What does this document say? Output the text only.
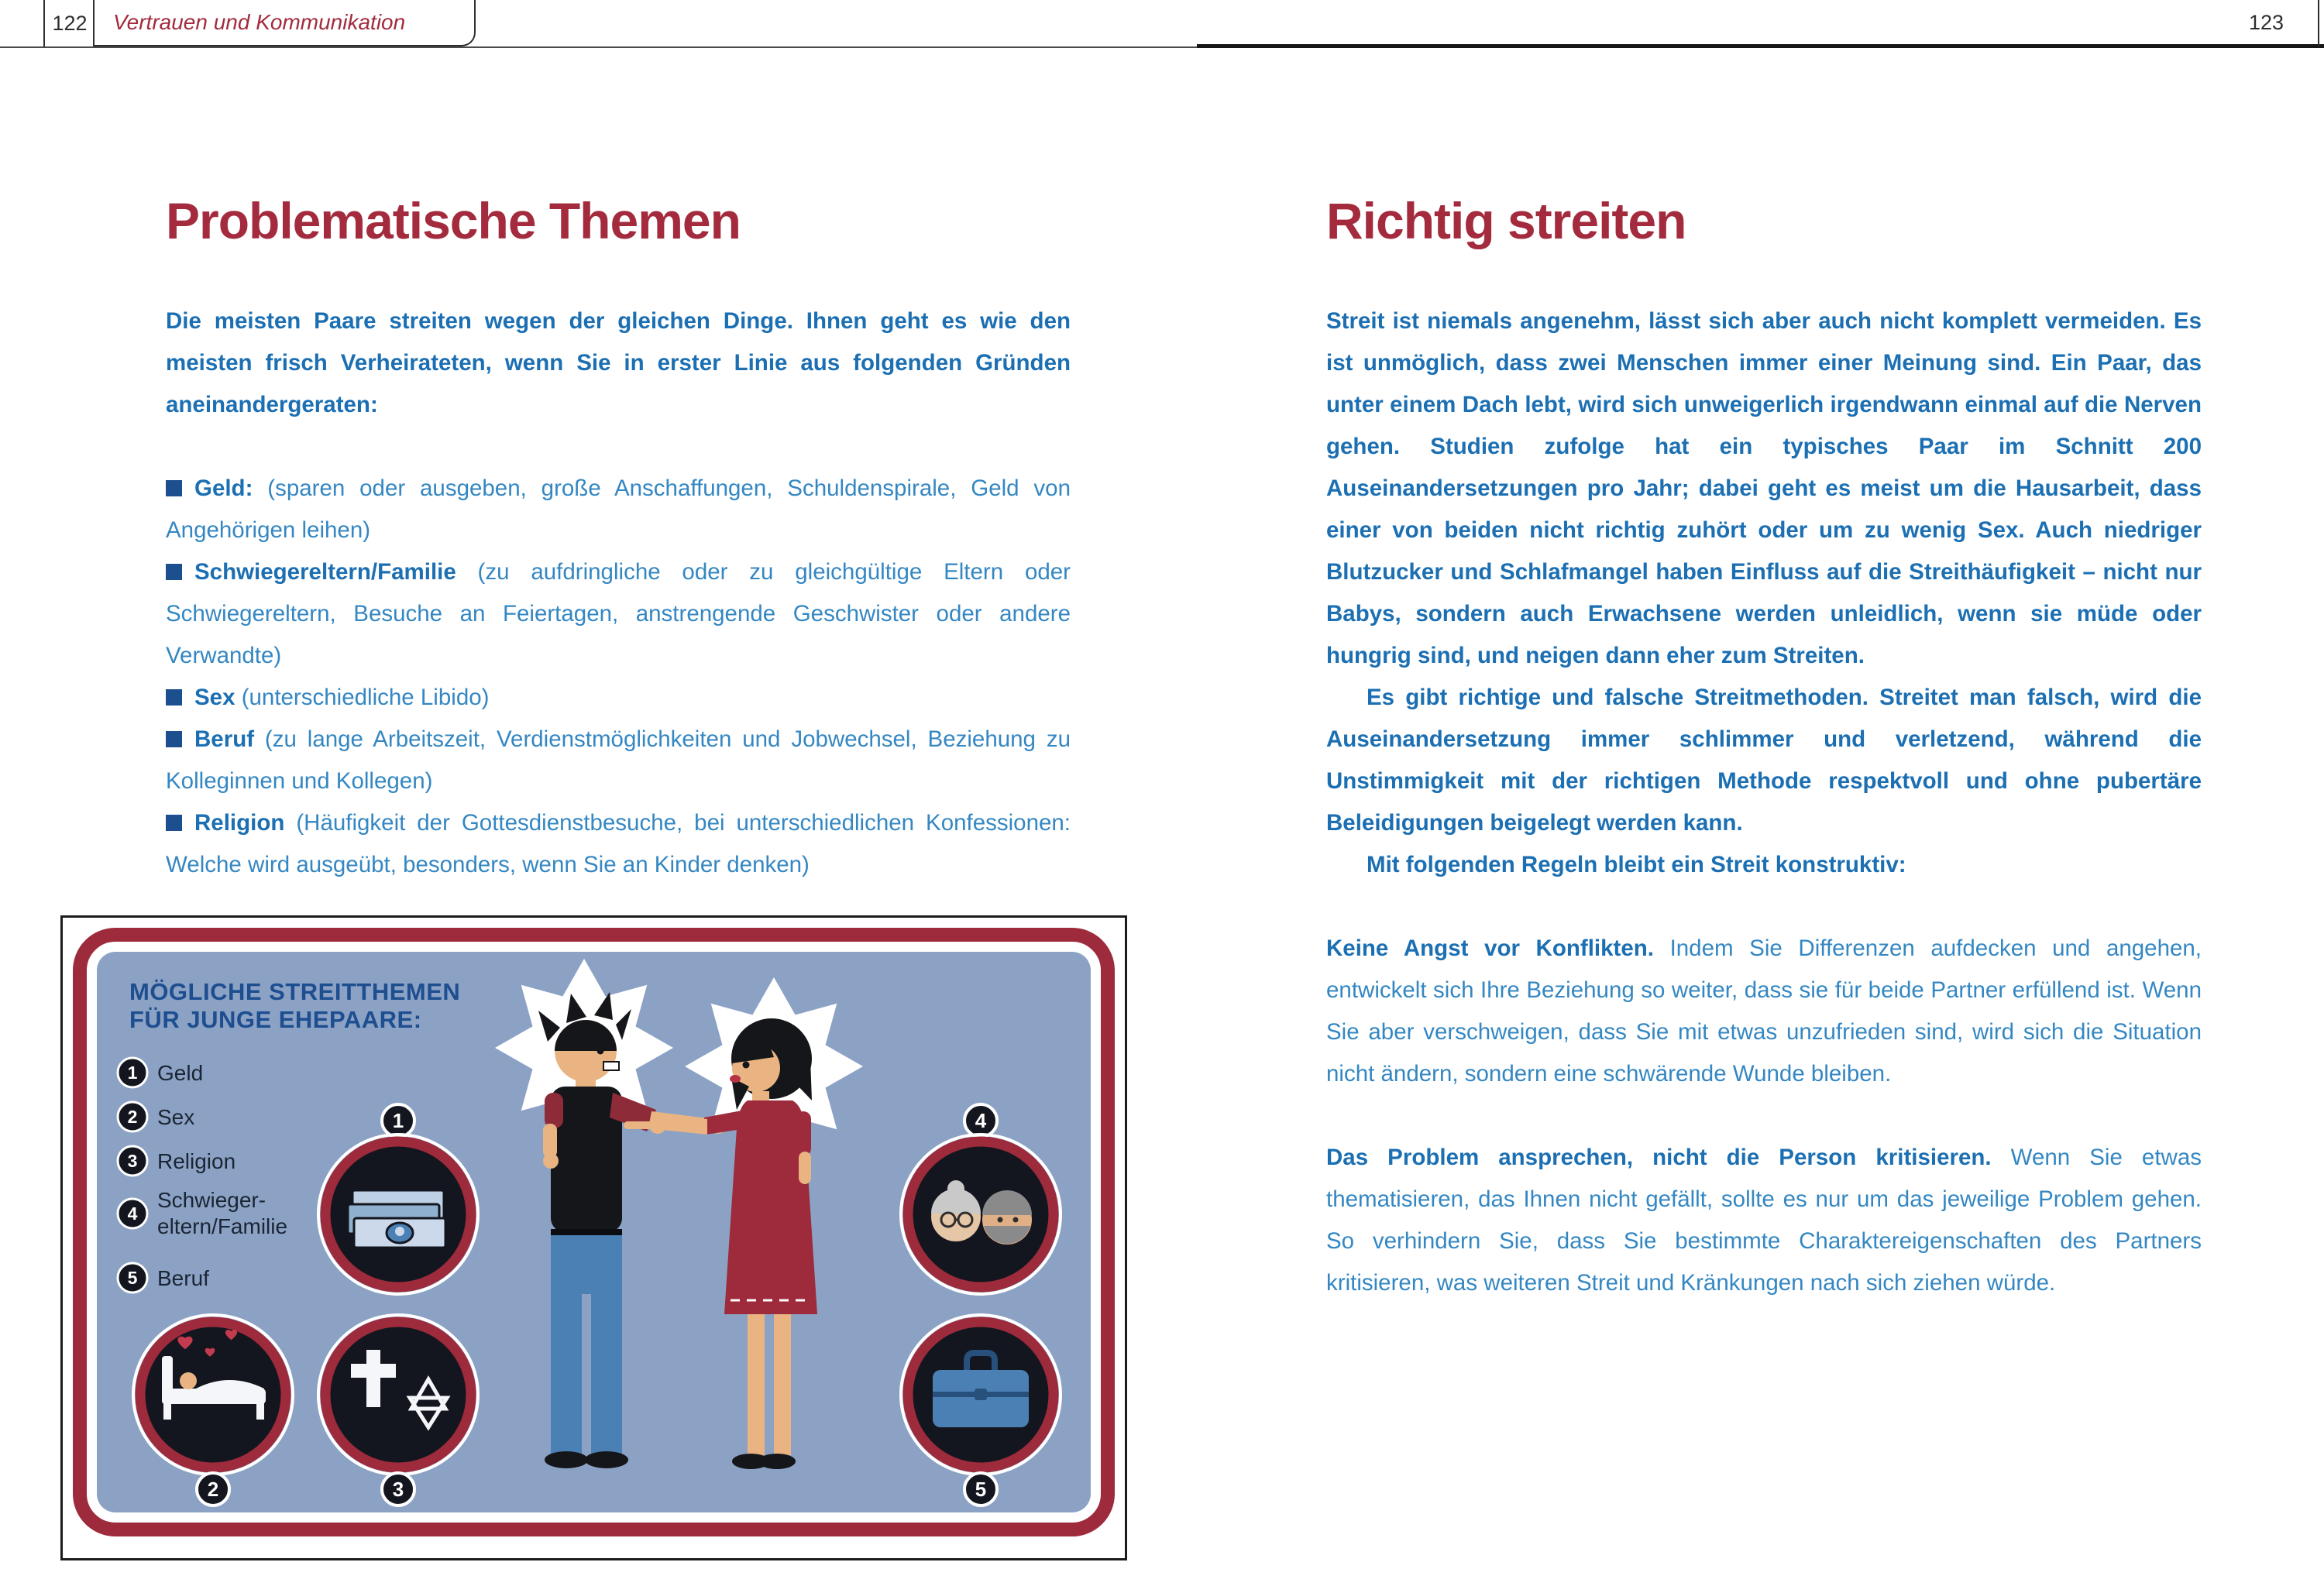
122	Vertrauen und Kommunikation	123
Problematische Themen

Die meisten Paare streiten wegen der gleichen Dinge. Ihnen geht es wie den meisten frisch Verheirateten, wenn Sie in erster Linie aus folgenden Gründen aneinandergeraten:

Geld: (sparen oder ausgeben, große Anschaffungen, Schuldenspirale, Geld von Angehörigen leihen)

Schwiegereltern/Familie (zu aufdringliche oder zu gleichgültige Eltern oder Schwiegereltern, Besuche an Feiertagen, anstrengende Geschwister oder andere Verwandte)

Sex (unterschiedliche Libido)

Beruf (zu lange Arbeitszeit, Verdienstmöglichkeiten und Jobwechsel, Beziehung zu Kolleginnen und Kollegen)

Religion (Häufigkeit der Gottesdienstbesuche, bei unterschiedlichen Konfessionen: Welche wird ausgeübt, besonders, wenn Sie an Kinder denken)

Richtig streiten

Streit ist niemals angenehm, lässt sich aber auch nicht komplett vermeiden. Es ist unmöglich, dass zwei Menschen immer einer Meinung sind. Ein Paar, das unter einem Dach lebt, wird sich unweigerlich irgendwann einmal auf die Nerven gehen. Studien zufolge hat ein typisches Paar im Schnitt 200 Auseinandersetzungen pro Jahr; dabei geht es meist um die Hausarbeit, dass einer von beiden nicht richtig zuhört oder um zu wenig Sex. Auch niedriger Blutzucker und Schlafmangel haben Einfluss auf die Streithäufigkeit – nicht nur Babys, sondern auch Erwachsene werden unleidlich, wenn sie müde oder hungrig sind, und neigen dann eher zum Streiten.

Es gibt richtige und falsche Streitmethoden. Streitet man falsch, wird die Auseinandersetzung immer schlimmer und verletzend, während die Unstimmigkeit mit der richtigen Methode respektvoll und ohne pubertäre Beleidigungen beigelegt werden kann.

Mit folgenden Regeln bleibt ein Streit konstruktiv:

Keine Angst vor Konflikten. Indem Sie Differenzen aufdecken und angehen, entwickelt sich Ihre Beziehung so weiter, dass sie für beide Partner erfüllend ist. Wenn Sie aber verschweigen, dass Sie mit etwas unzufrieden sind, wird sich die Situation nicht ändern, sondern eine schwärende Wunde bleiben.

Das Problem ansprechen, nicht die Person kritisieren. Wenn Sie etwas thematisieren, das Ihnen nicht gefällt, sollte es nur um das jeweilige Problem gehen. So verhindern Sie, dass Sie bestimmte Charaktereigenschaften des Partners kritisieren, was weiteren Streit und Kränkungen nach sich ziehen würde.

MÖGLICHE STREITTHEMEN
FÜR JUNGE EHEPAARE:
1 Geld
2 Sex
3 Religion
4
Schwieger-
eltern/Familie
5 Beruf
1
2	3
4
5
